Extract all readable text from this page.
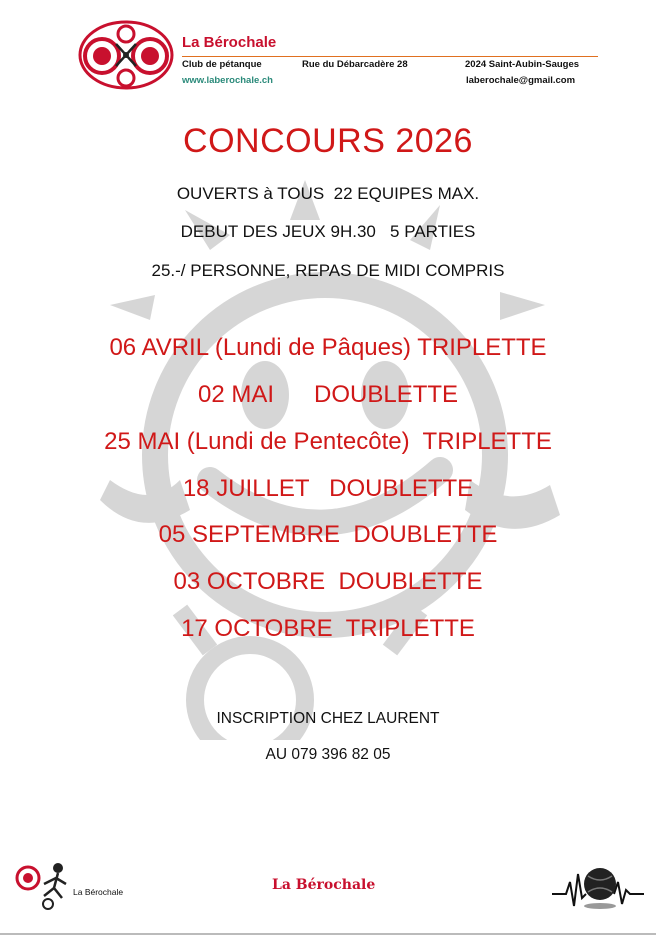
La Bérochale
Club de pétanque	Rue du Débarcadère 28	2024 Saint-Aubin-Sauges
www.laberochale.ch	laberochale@gmail.com
CONCOURS 2026
OUVERTS à TOUS  22 EQUIPES MAX.
DEBUT DES JEUX 9H.30   5 PARTIES
25.-/ PERSONNE, REPAS DE MIDI COMPRIS
06 AVRIL (Lundi de Pâques) TRIPLETTE
02 MAI      DOUBLETTE
25 MAI (Lundi de Pentecôte)  TRIPLETTE
18 JUILLET   DOUBLETTE
05 SEPTEMBRE  DOUBLETTE
03 OCTOBRE  DOUBLETTE
17 OCTOBRE  TRIPLETTE
INSCRIPTION CHEZ LAURENT
AU 079 396 82 05
La Bérochale	La Bérochale
